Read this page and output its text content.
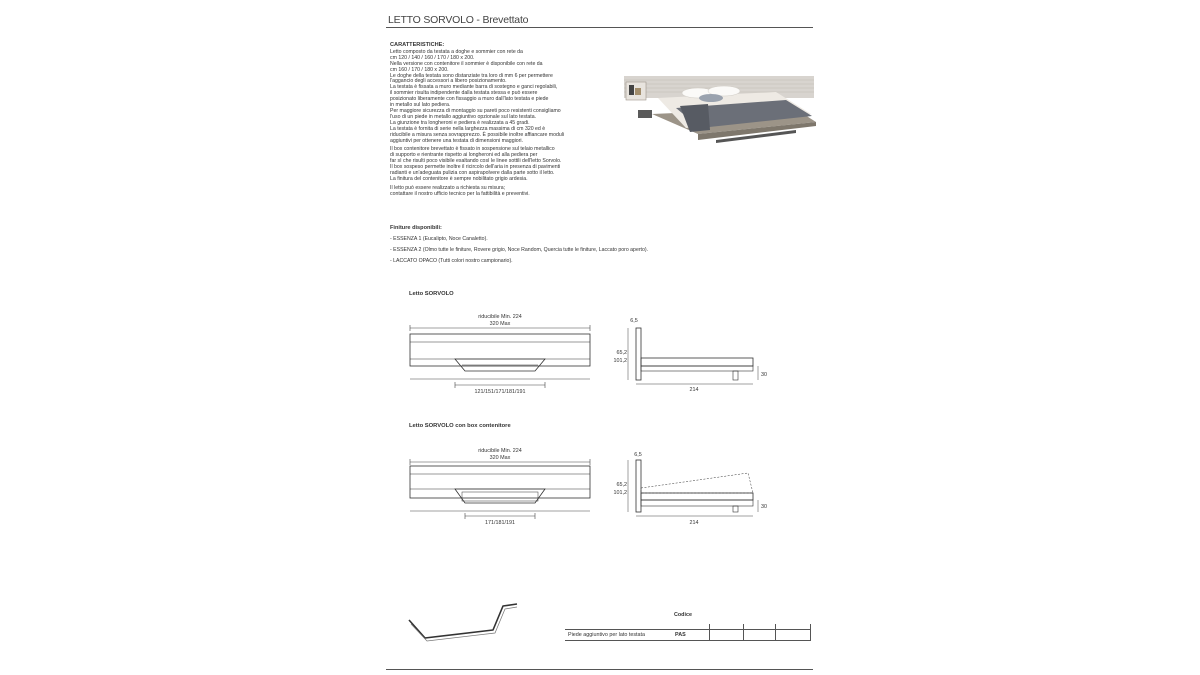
LETTO SORVOLO - Brevettato
CARATTERISTICHE:

Letto composto da testata a doghe e sommier con rete da

cm 120 / 140 / 160 / 170 / 180 x 200.

Nella versione con contenitore il sommier è disponibile con rete da

cm 160 / 170 / 180 x 200.

Le doghe della testata sono distanziate tra loro di mm 6 per permettere

l'aggancio degli accessori a libero posizionamento.

La testata è fissata a muro mediante barra di sostegno e ganci regolabili,

il sommier risulta indipendente dalla testata stessa e può essere

posizionato liberamente con fissaggio a muro dall'lato testata e piede

in metallo sul lato pediera.

Per maggiore sicurezza di montaggio su pareti poco resistenti consigliamo

l'uso di un piede in metallo aggiuntivo opzionale sul lato testata.

La giunzione tra longheroni e pediera è realizzata a 45 gradi.

La testata è fornita di serie nella larghezza massima di cm 320 ed è

riducibile a misura senza sovrapprezzo. È possibile inoltre affiancare moduli

aggiuntivi per ottenere una testata di dimensioni maggiori.

Il box contenitore brevettato è fissato in sospensione sul telaio metallico

di supporto e rientrante rispetto ai longheroni ed alla pediera per

far sì che risulti poco visibile esaltando così le linee sottili dell'letto Sorvolo.

Il box sospeso permette inoltre il ricircolo dell'aria in presenza di pavimenti

radianti e un'adeguata pulizia con aspirapolvere dalla parte sotto il letto.

La finitura del contenitore è sempre nobilitato grigio ardesia.

Il letto può essere realizzato a richiesta su misura;

contattare il nostro ufficio tecnico per la fattibilità e preventivi.

Finiture disponibili:

- ESSENZA 1 (Eucalipto, Noce Canaletto).

- ESSENZA 2 (Olmo tutte le finiture, Rovere grigio, Noce Random, Quercia tutte le finiture, Laccato poro aperto).

- LACCATO OPACO (Tutti colori nostro campionario).

Letto SORVOLO
riducibile Min. 224
320 Max
121/151/171/181/191
6,5
65,2
101,2
30
214
Letto SORVOLO con box contenitore
riducibile Min. 224
320 Max
171/181/191
6,5
65,2
101,2
30
214
Codice
Piede aggiuntivo per lato testata	PAS
